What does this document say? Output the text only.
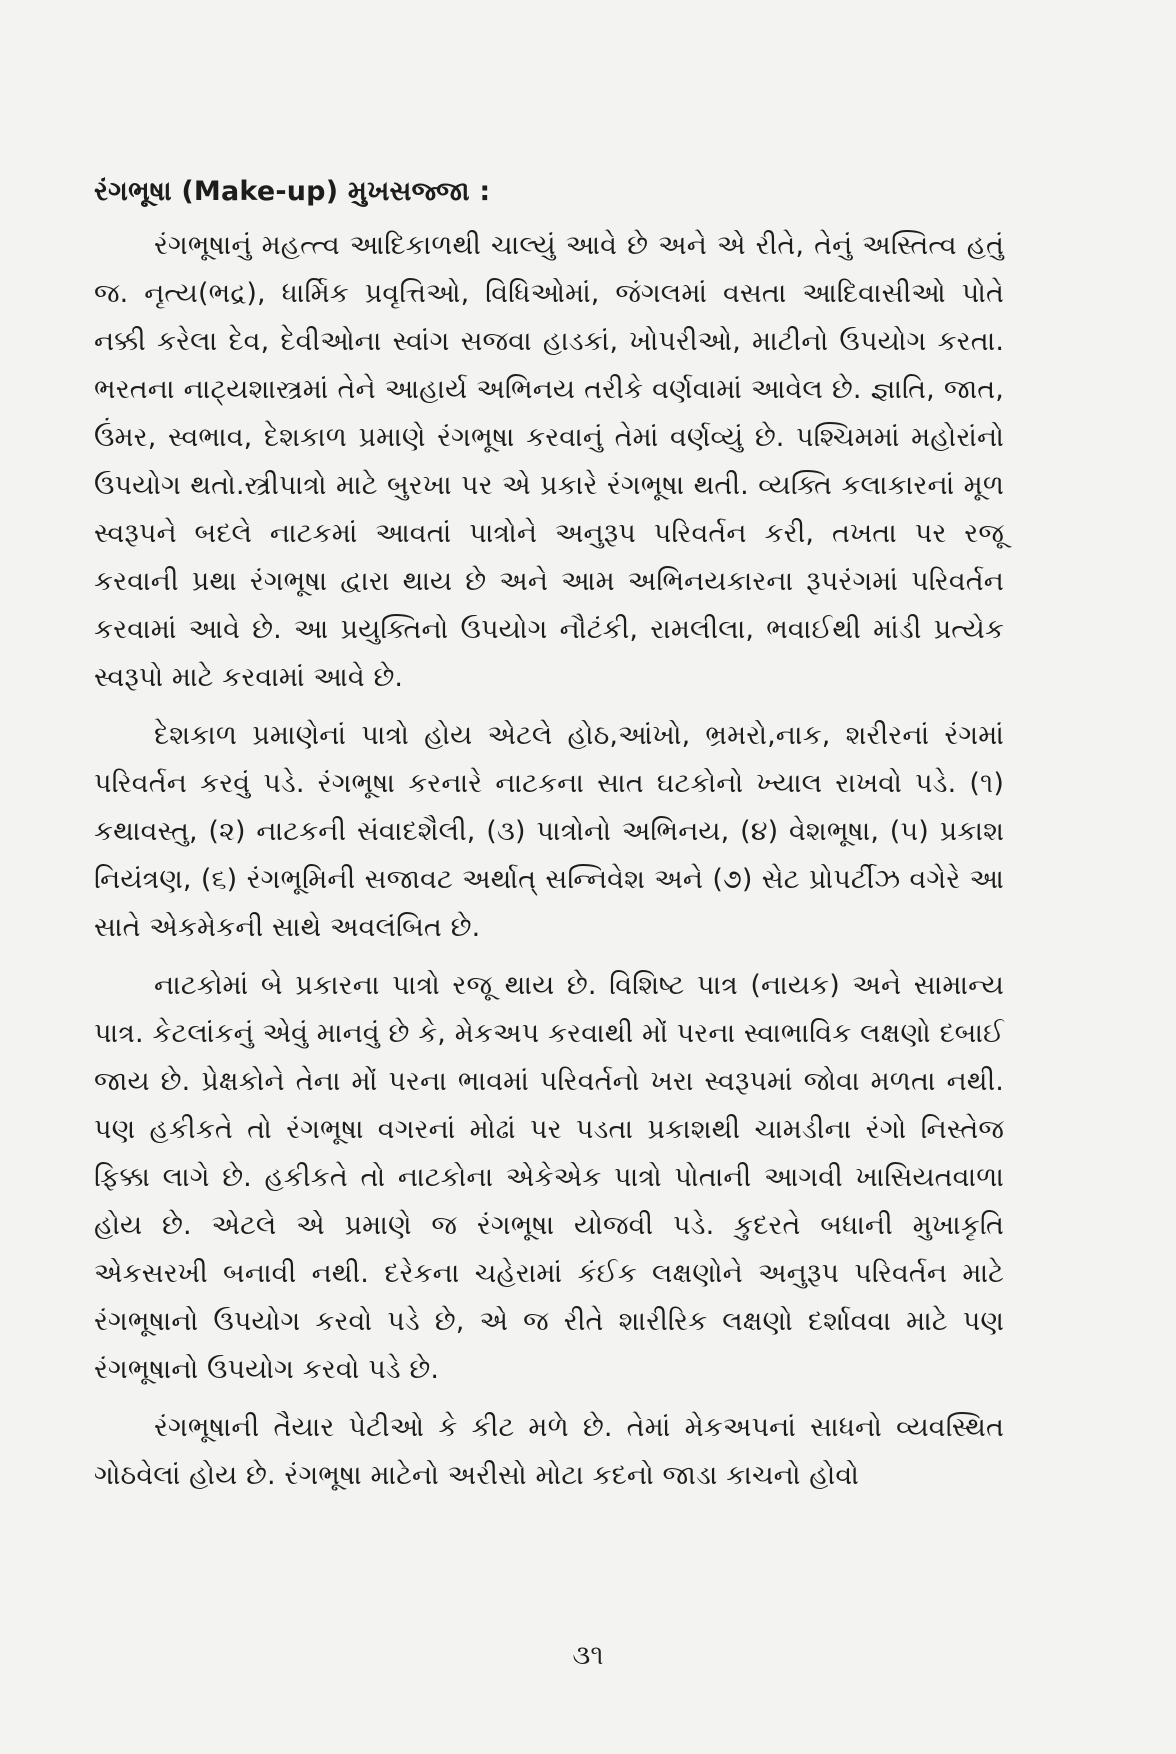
રંગભૂષા (Make-up) મુખસજ્જા :

રંગભૂષાનું મહત્ત્વ આદિકાળથી ચાલ્યું આવે છે અને એ રીતે, તેનું અસ્તિત્વ હતું જ. નૃત્ય(ભદ્ર), ધાર્મિક પ્રવૃત્તિઓ, વિધિઓમાં, જંગલમાં વસતા આદિવાસીઓ પોતે નક્કી કરેલા દેવ, દેવીઓના સ્વાંગ સજવા હાડકાં, ખોપરીઓ, માટીનો ઉપયોગ કરતા. ભરતના નાટ્યશાસ્ત્રમાં તેને આહાર્ય અભિનય તરીકે વર્ણવામાં આવેલ છે. જ્ઞાતિ, જાત, ઉંમર, સ્વભાવ, દેશકાળ પ્રમાણે રંગભૂષા કરવાનું તેમાં વર્ણવ્યું છે. પશ્ચિમમાં મહોરાંનો ઉપયોગ થતો.સ્ત્રીપાત્રો માટે બુરખા પર એ પ્રકારે રંગભૂષા થતી. વ્યક્તિ કલાકારનાં મૂળ સ્વરૂપને બદલે નાટકમાં આવતાં પાત્રોને અનુરૂપ પરિવર્તન કરી, તખતા પર રજૂ કરવાની પ્રથા રંગભૂષા દ્વારા થાય છે અને આમ અભિનયકારના રૂપરંગમાં પરિવર્તન કરવામાં આવે છે. આ પ્રયુક્તિનો ઉપયોગ નૌટંકી, રામલીલા, ભવાઈથી માંડી પ્રત્યેક સ્વરૂપો માટે કરવામાં આવે છે.

દેશકાળ પ્રમાણેનાં પાત્રો હોય એટલે હોઠ,આંખો, ભ્રમરો,નાક, શરીરનાં રંગમાં પરિવર્તન કરવું પડે. રંગભૂષા કરનારે નાટકના સાત ઘટકોનો ખ્યાલ રાખવો પડે. (૧) કથાવસ્તુ, (૨) નાટકની સંવાદશૈલી, (૩) પાત્રોનો અભિનય, (૪) વેશભૂષા, (૫) પ્રકાશ નિયંત્રણ, (૬) રંગભૂમિની સજાવટ અર્થાત્ સન્નિવેશ અને (૭) સેટ પ્રોપર્ટીઝ વગેરે આ સાતે એકમેકની સાથે અવલંબિત છે.

નાટકોમાં બે પ્રકારના પાત્રો રજૂ થાય છે. વિશિષ્ટ પાત્ર (નાયક) અને સામાન્ય પાત્ર. કેટલાંકનું એવું માનવું છે કે, મેકઅપ કરવાથી મોં પરના સ્વાભાવિક લક્ષણો દબાઈ જાય છે. પ્રેક્ષકોને તેના મોં પરના ભાવમાં પરિવર્તનો ખરા સ્વરૂપમાં જોવા મળતા નથી. પણ હકીકતે તો રંગભૂષા વગરનાં મોઢાં પર પડતા પ્રકાશથી ચામડીના રંગો નિસ્તેજ ફિક્કા લાગે છે. હકીકતે તો નાટકોના એકેએક પાત્રો પોતાની આગવી ખાસિયતવાળા હોય છે. એટલે એ પ્રમાણે જ રંગભૂષા યોજવી પડે. કુદરતે બધાની મુખાકૃતિ એકસરખી બનાવી નથી. દરેકના ચહેરામાં કંઈક લક્ષણોને અનુરૂપ પરિવર્તન માટે રંગભૂષાનો ઉપયોગ કરવો પડે છે, એ જ રીતે શારીરિક લક્ષણો દર્શાવવા માટે પણ રંગભૂષાનો ઉપયોગ કરવો પડે છે.

રંગભૂષાની તૈયાર પેટીઓ કે કીટ મળે છે. તેમાં મેકઅપનાં સાધનો વ્યવસ્થિત ગોઠવેલાં હોય છે. રંગભૂષા માટેનો અરીસો મોટા કદનો જાડા કાચનો હોવો

૩૧
